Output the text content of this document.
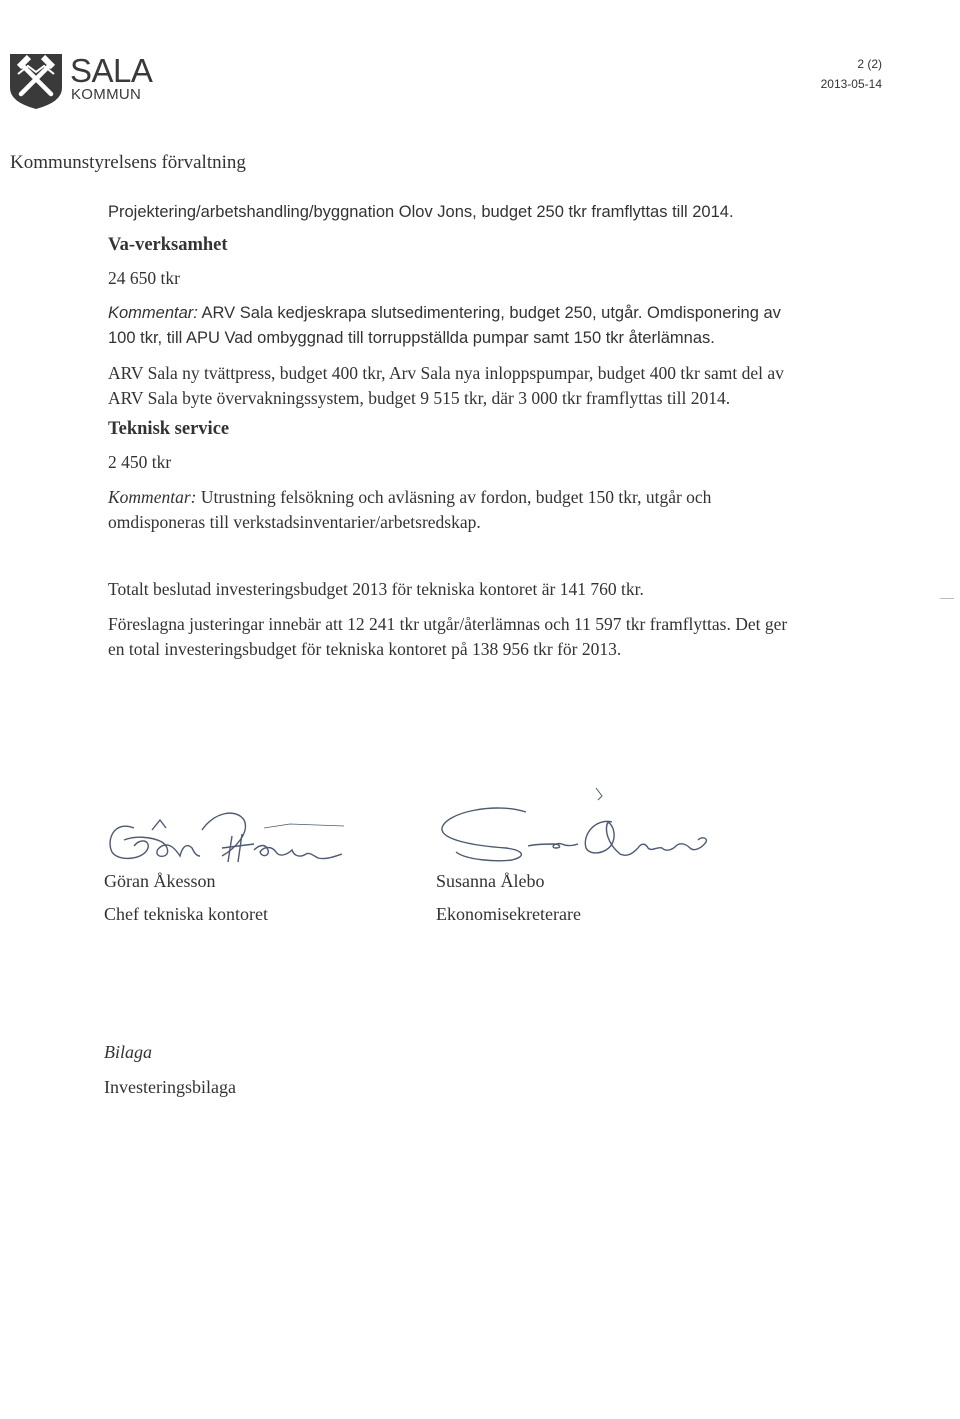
SALA
KOMMUN
2 (2)
2013-05-14
Kommunstyrelsens förvaltning

Projektering/arbetshandling/byggnation Olov Jons, budget 250 tkr framflyttas till 2014.

Va-verksamhet

24 650 tkr

Kommentar: ARV Sala kedjeskrapa slutsedimentering, budget 250, utgår. Omdisponering av 100 tkr, till APU Vad ombyggnad till torruppställda pumpar samt 150 tkr återlämnas.

ARV Sala ny tvättpress, budget 400 tkr, Arv Sala nya inloppspumpar, budget 400 tkr samt del av ARV Sala byte övervakningssystem, budget 9 515 tkr, där 3 000 tkr framflyttas till 2014.

Teknisk service

2 450 tkr

Kommentar: Utrustning felsökning och avläsning av fordon, budget 150 tkr, utgår och omdisponeras till verkstadsinventarier/arbetsredskap.

Totalt beslutad investeringsbudget 2013 för tekniska kontoret är 141 760 tkr.

Föreslagna justeringar innebär att 12 241 tkr utgår/återlämnas och 11 597 tkr framflyttas. Det ger en total investeringsbudget för tekniska kontoret på 138 956 tkr för 2013.

Göran Åkesson

Chef tekniska kontoret

Susanna Ålebo

Ekonomisekreterare

Bilaga

Investeringsbilaga
